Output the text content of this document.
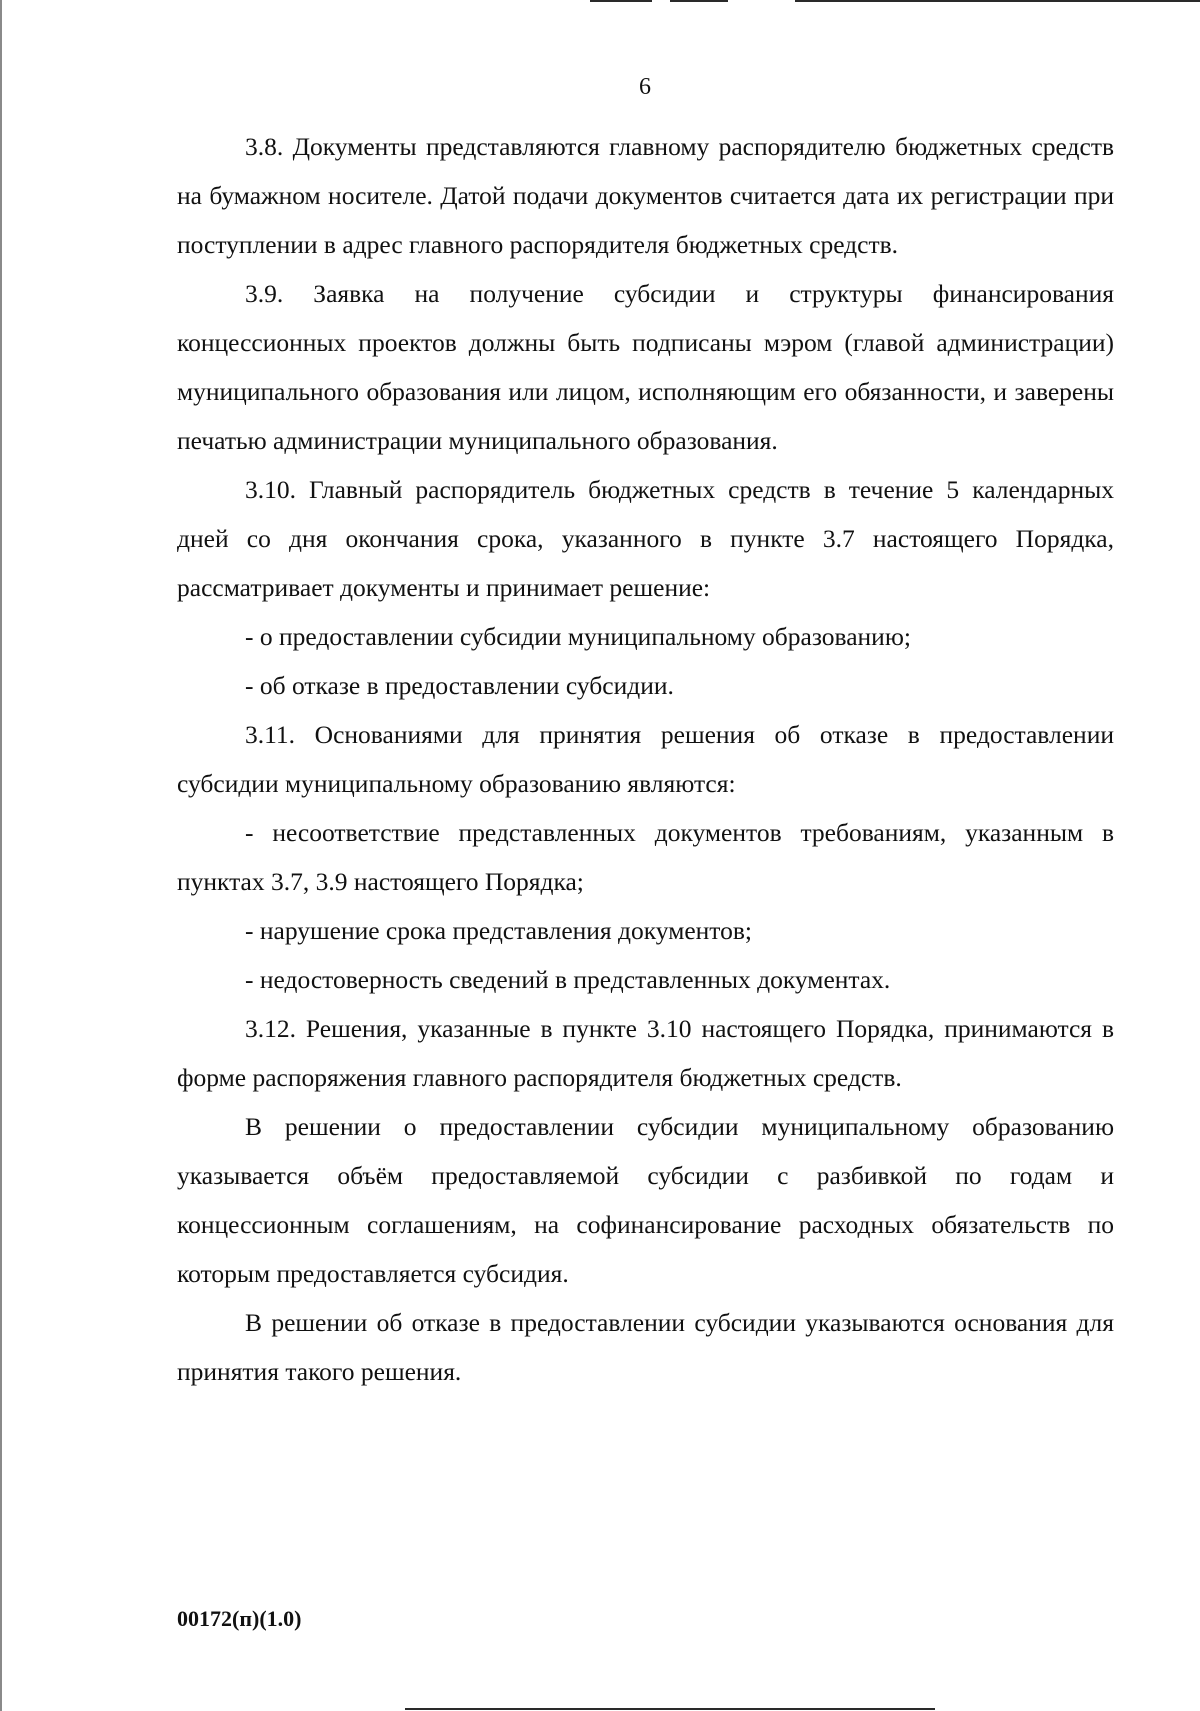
6

3.8. Документы представляются главному распорядителю бюджетных средств на бумажном носителе. Датой подачи документов считается дата их регистрации при поступлении в адрес главного распорядителя бюджетных средств.

3.9. Заявка на получение субсидии и структуры финансирования концессионных проектов должны быть подписаны мэром (главой администрации) муниципального образования или лицом, исполняющим его обязанности, и заверены печатью администрации муниципального образования.

3.10. Главный распорядитель бюджетных средств в течение 5 календарных дней со дня окончания срока, указанного в пункте 3.7 настоящего Порядка, рассматривает документы и принимает решение:

- о предоставлении субсидии муниципальному образованию;

- об отказе в предоставлении субсидии.

3.11. Основаниями для принятия решения об отказе в предоставлении субсидии муниципальному образованию являются:

- несоответствие представленных документов требованиям, указанным в пунктах 3.7, 3.9 настоящего Порядка;

- нарушение срока представления документов;

- недостоверность сведений в представленных документах.

3.12. Решения, указанные в пункте 3.10 настоящего Порядка, принимаются в форме распоряжения главного распорядителя бюджетных средств.

В решении о предоставлении субсидии муниципальному образованию указывается объём предоставляемой субсидии с разбивкой по годам и концессионным соглашениям, на софинансирование расходных обязательств по которым предоставляется субсидия.

В решении об отказе в предоставлении субсидии указываются основания для принятия такого решения.

00172(п)(1.0)
